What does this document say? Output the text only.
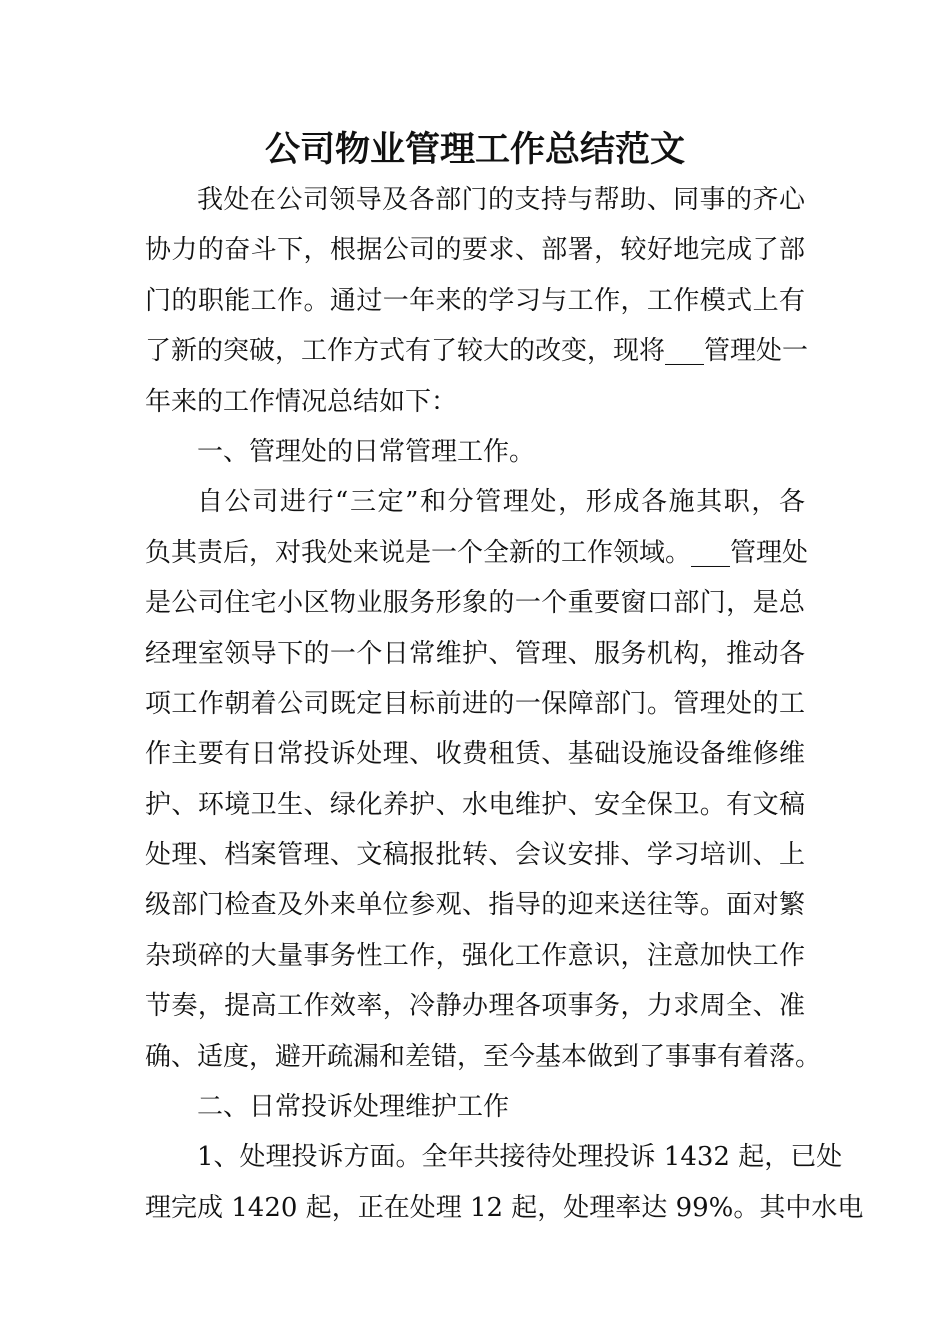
公司物业管理工作总结范文
我处在公司领导及各部门的支持与帮助、同事的齐心
协力的奋斗下，根据公司的要求、部署，较好地完成了部
门的职能工作。通过一年来的学习与工作，工作模式上有
了新的突破，工作方式有了较大的改变，现将___管理处一
年来的工作情况总结如下：
一、管理处的日常管理工作。
自公司进行“三定”和分管理处，形成各施其职，各
负其责后，对我处来说是一个全新的工作领域。___管理处
是公司住宅小区物业服务形象的一个重要窗口部门，是总
经理室领导下的一个日常维护、管理、服务机构，推动各
项工作朝着公司既定目标前进的一保障部门。管理处的工
作主要有日常投诉处理、收费租赁、基础设施设备维修维
护、环境卫生、绿化养护、水电维护、安全保卫。有文稿
处理、档案管理、文稿报批转、会议安排、学习培训、上
级部门检查及外来单位参观、指导的迎来送往等。面对繁
杂琐碎的大量事务性工作，强化工作意识，注意加快工作
节奏，提高工作效率，冷静办理各项事务，力求周全、准
确、适度，避开疏漏和差错，至今基本做到了事事有着落。
二、日常投诉处理维护工作
1、处理投诉方面。全年共接待处理投诉 1432 起，已处
理完成 1420 起，正在处理 12 起，处理率达 99%。其中水电
